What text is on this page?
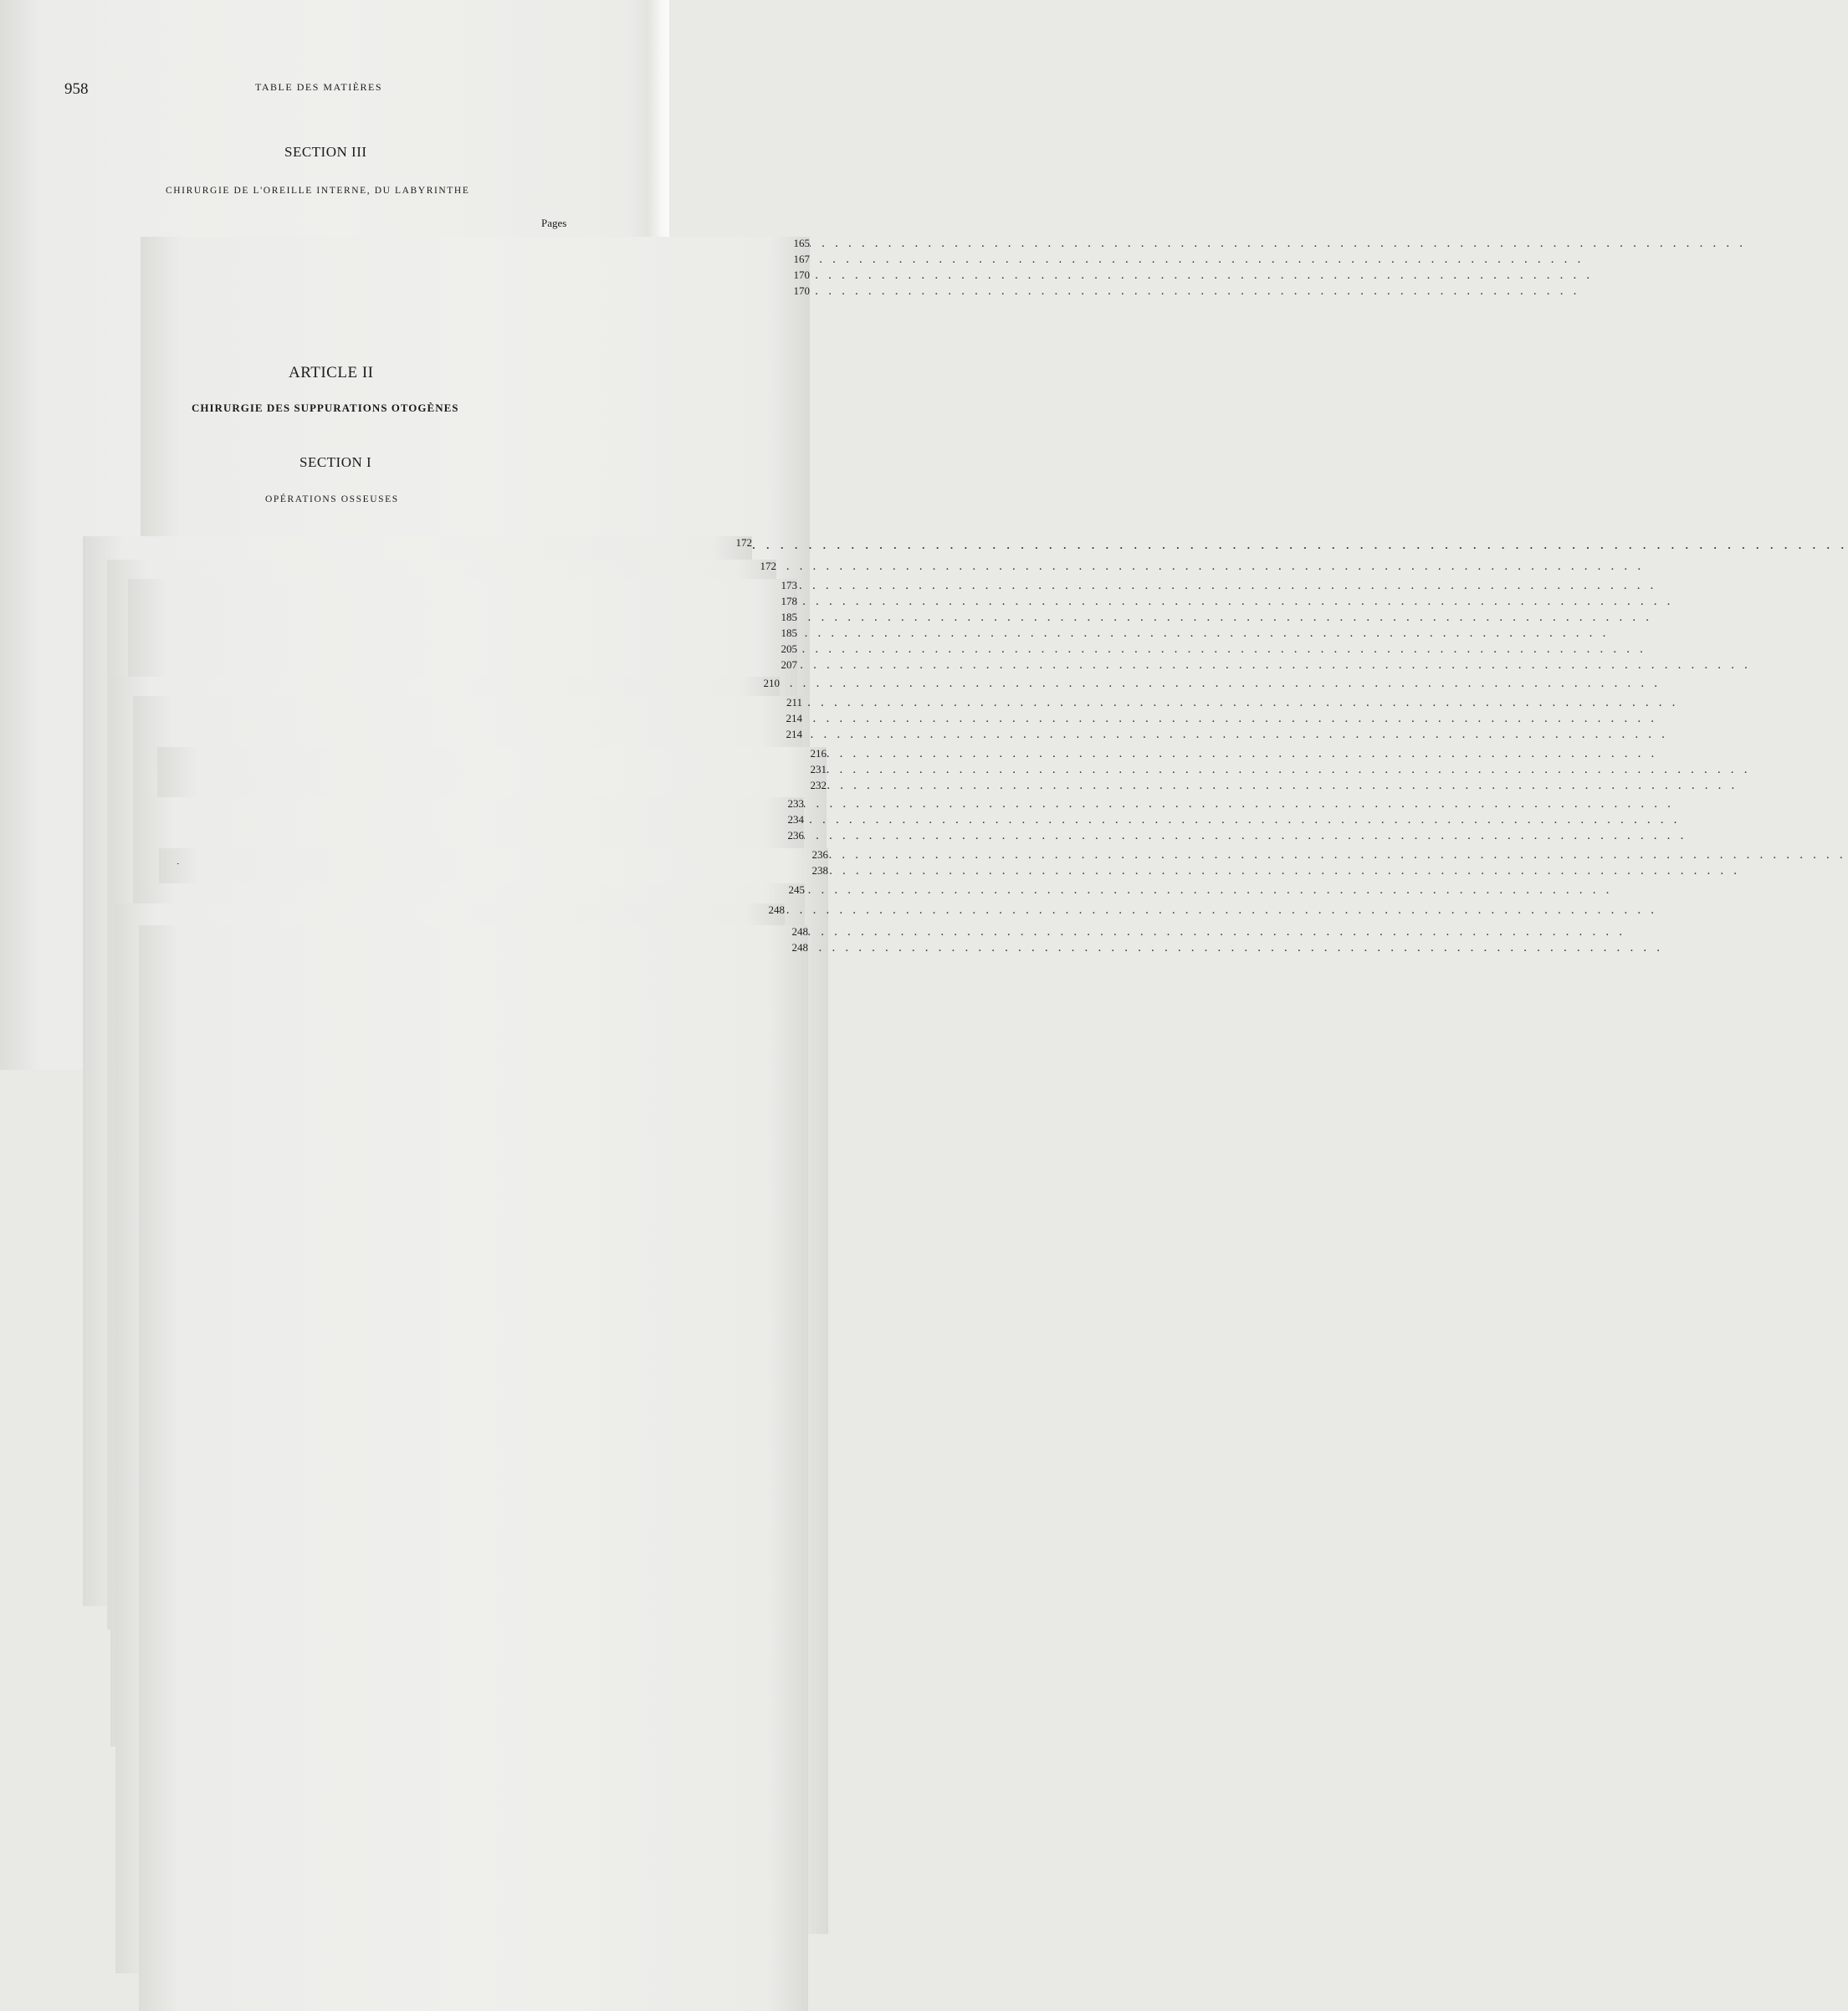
958	TABLE DES MATIÈRES
SECTION III
CHIRURGIE DE L'OREILLE INTERNE, DU LABYRINTHE
Pages
. . .
165
. . .
167
. . .
170
. . .
170
ARTICLE II
CHIRURGIE DES SUPPURATIONS OTOGÈNES
SECTION I
OPÉRATIONS OSSEUSES
. . .
172
. . .
172
. . .
173
. . .
178
. . .
185
. . .
185
. . .
205
. . .
207
. . .
210
. . .
211
. . .
214
. . .
214
. . .
216
. . .
231
. . .
232
. . .
233
. . .
234
. . .
236
. . .
236
. . .
238
. . .
245
. . .
248
. . .
248
. . .
248
